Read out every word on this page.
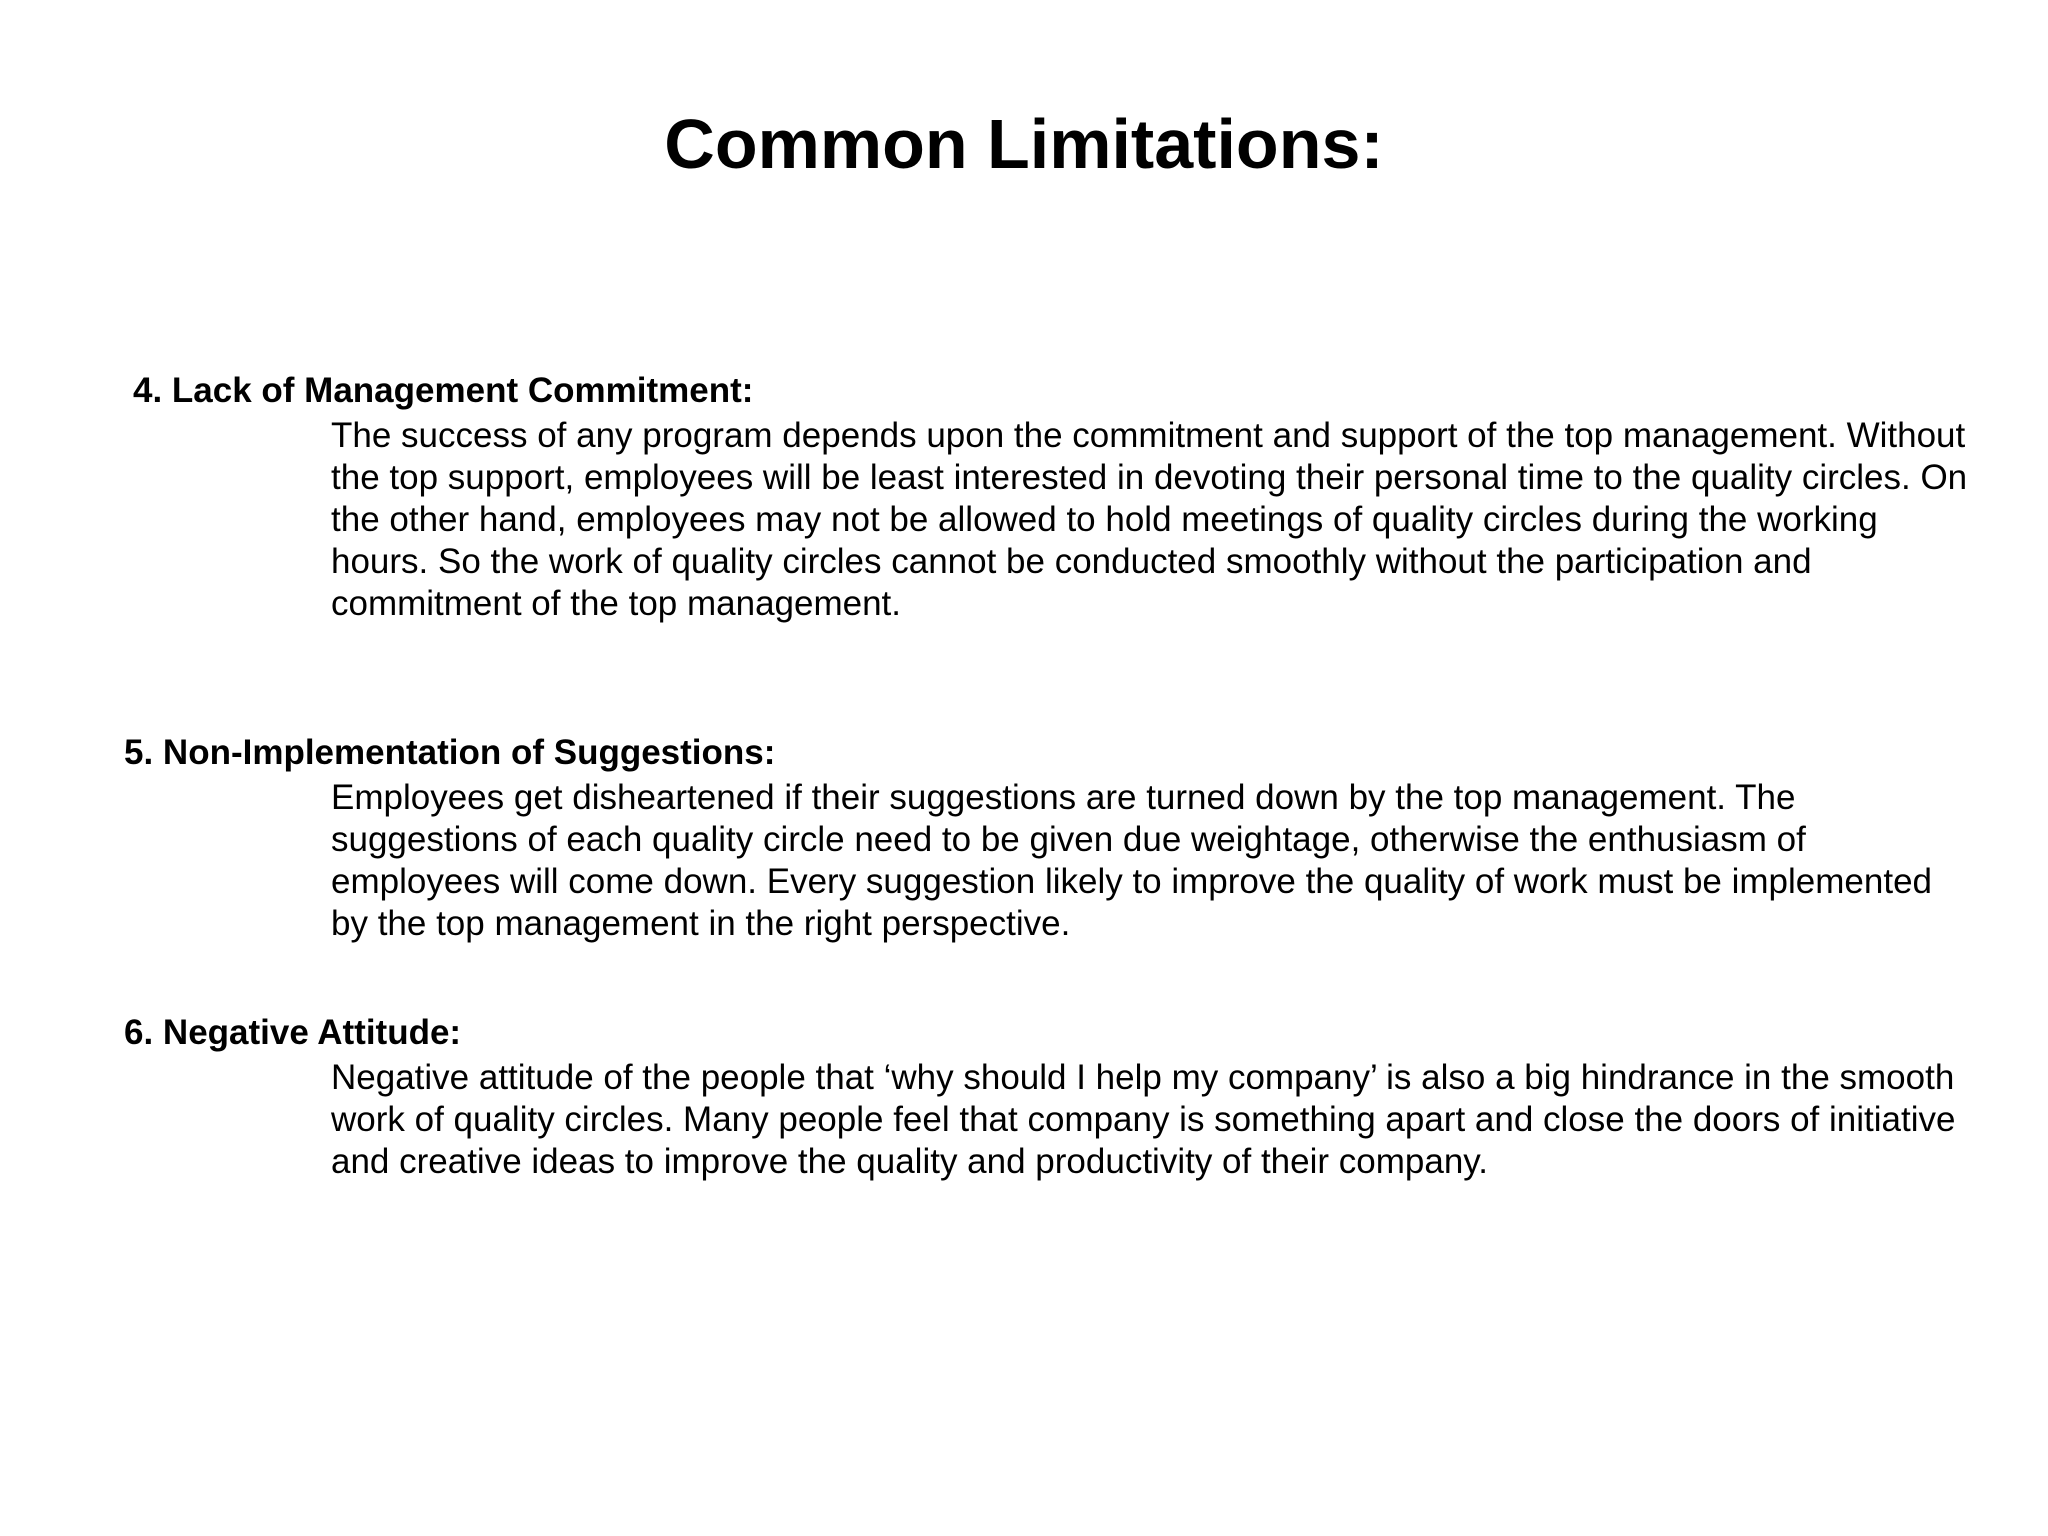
Common Limitations:

4. Lack of Management Commitment:

The success of any program depends upon the commitment and support of the top management. Without the top support, employees will be least interested in devoting their personal time to the quality circles. On the other hand, employees may not be allowed to hold meetings of quality circles during the working hours. So the work of quality circles cannot be conducted smoothly without the participation and commitment of the top management.

5. Non-Implementation of Suggestions:

Employees get disheartened if their suggestions are turned down by the top management. The suggestions of each quality circle need to be given due weightage, otherwise the enthusiasm of employees will come down. Every suggestion likely to improve the quality of work must be implemented by the top management in the right perspective.

6. Negative Attitude:

Negative attitude of the people that ‘why should I help my company’ is also a big hindrance in the smooth work of quality circles. Many people feel that company is something apart and close the doors of initiative and creative ideas to improve the quality and productivity of their company.
